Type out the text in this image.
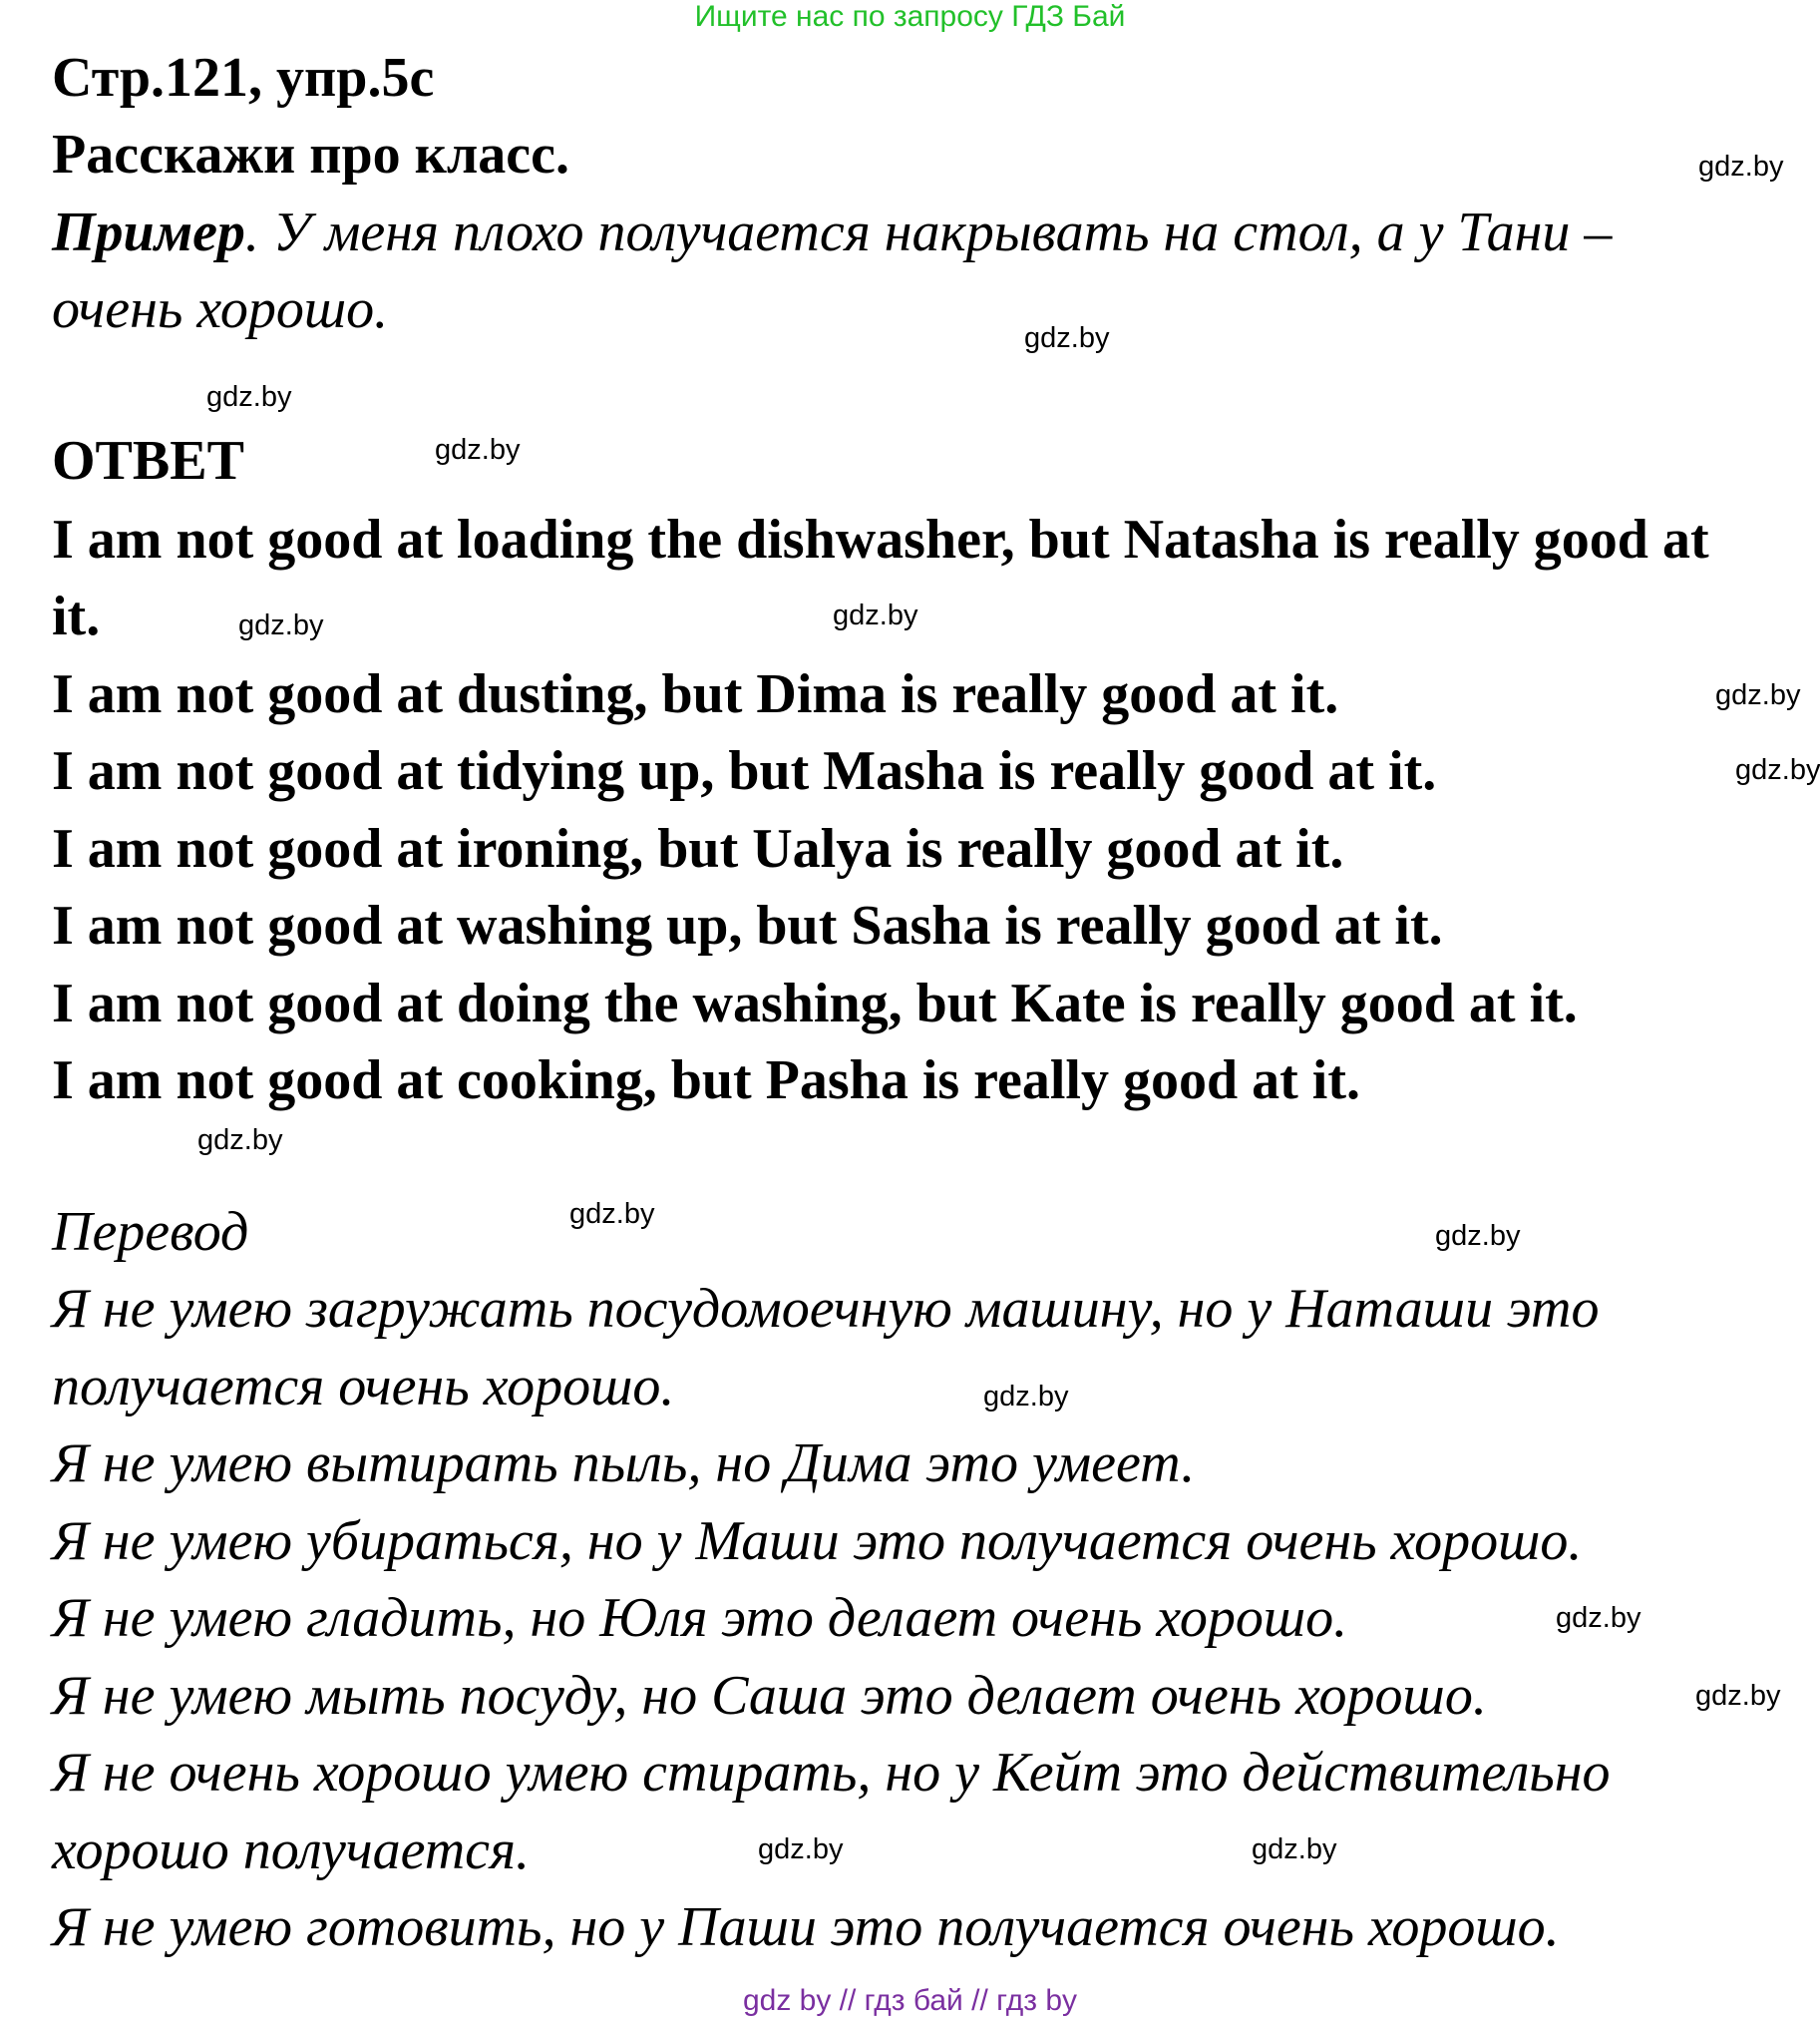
Ищите нас по запросу ГДЗ Бай
Стр.121, упр.5c
Расскажи про класс.
Пример. У меня плохо получается накрывать на стол, а у Тани –
очень хорошо.
ОТВЕТ
I am not good at loading the dishwasher, but Natasha is really good at
it.
I am not good at dusting, but Dima is really good at it.
I am not good at tidying up, but Masha is really good at it.
I am not good at ironing, but Ualya is really good at it.
I am not good at washing up, but Sasha is really good at it.
I am not good at doing the washing, but Kate is really good at it.
I am not good at cooking, but Pasha is really good at it.
Перевод
Я не умею загружать посудомоечную машину, но у Наташи это
получается очень хорошо.
Я не умею вытирать пыль, но Дима это умеет.
Я не умею убираться, но у Маши это получается очень хорошо.
Я не умею гладить, но Юля это делает очень хорошо.
Я не умею мыть посуду, но Саша это делает очень хорошо.
Я не очень хорошо умею стирать, но у Кейт это действительно
хорошо получается.
Я не умею готовить, но у Паши это получается очень хорошо.
gdz.by
gdz.by
gdz.by
gdz.by
gdz.by
gdz.by
gdz.by
gdz.by
gdz.by
gdz.by
gdz.by
gdz.by
gdz.by
gdz.by
gdz.by
gdz.by
gdz by // гдз бай // гдз by
